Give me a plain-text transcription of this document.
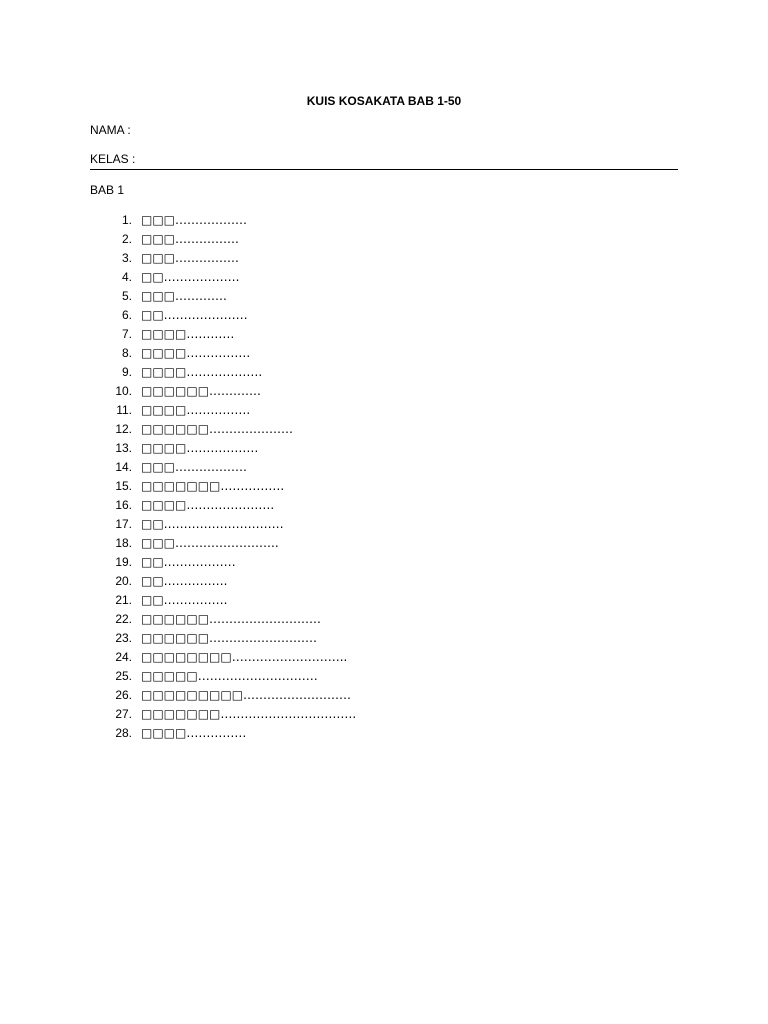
KUIS KOSAKATA BAB 1-50
NAMA :
KELAS :
BAB 1
1. □□□………………
2. □□□…………….
3. □□□…………….
4. □□……………….
5. □□□………….
6. □□…………………
7. □□□□…………
8. □□□□…………….
9. □□□□……………….
10. □□□□□□………….
11. □□□□…………….
12. □□□□□□…………………
13. □□□□………………
14. □□□………………
15. □□□□□□□…………….
16. □□□□………………….
17. □□…………………………
18. □□□……………………..
19. □□………………
20. □□…………….
21. □□…………….
22. □□□□□□……………………….
23. □□□□□□………………………
24. □□□□□□□□………………………..
25. □□□□□…………………………
26. □□□□□□□□□………………………
27. □□□□□□□…………………………….
28. □□□□……………
